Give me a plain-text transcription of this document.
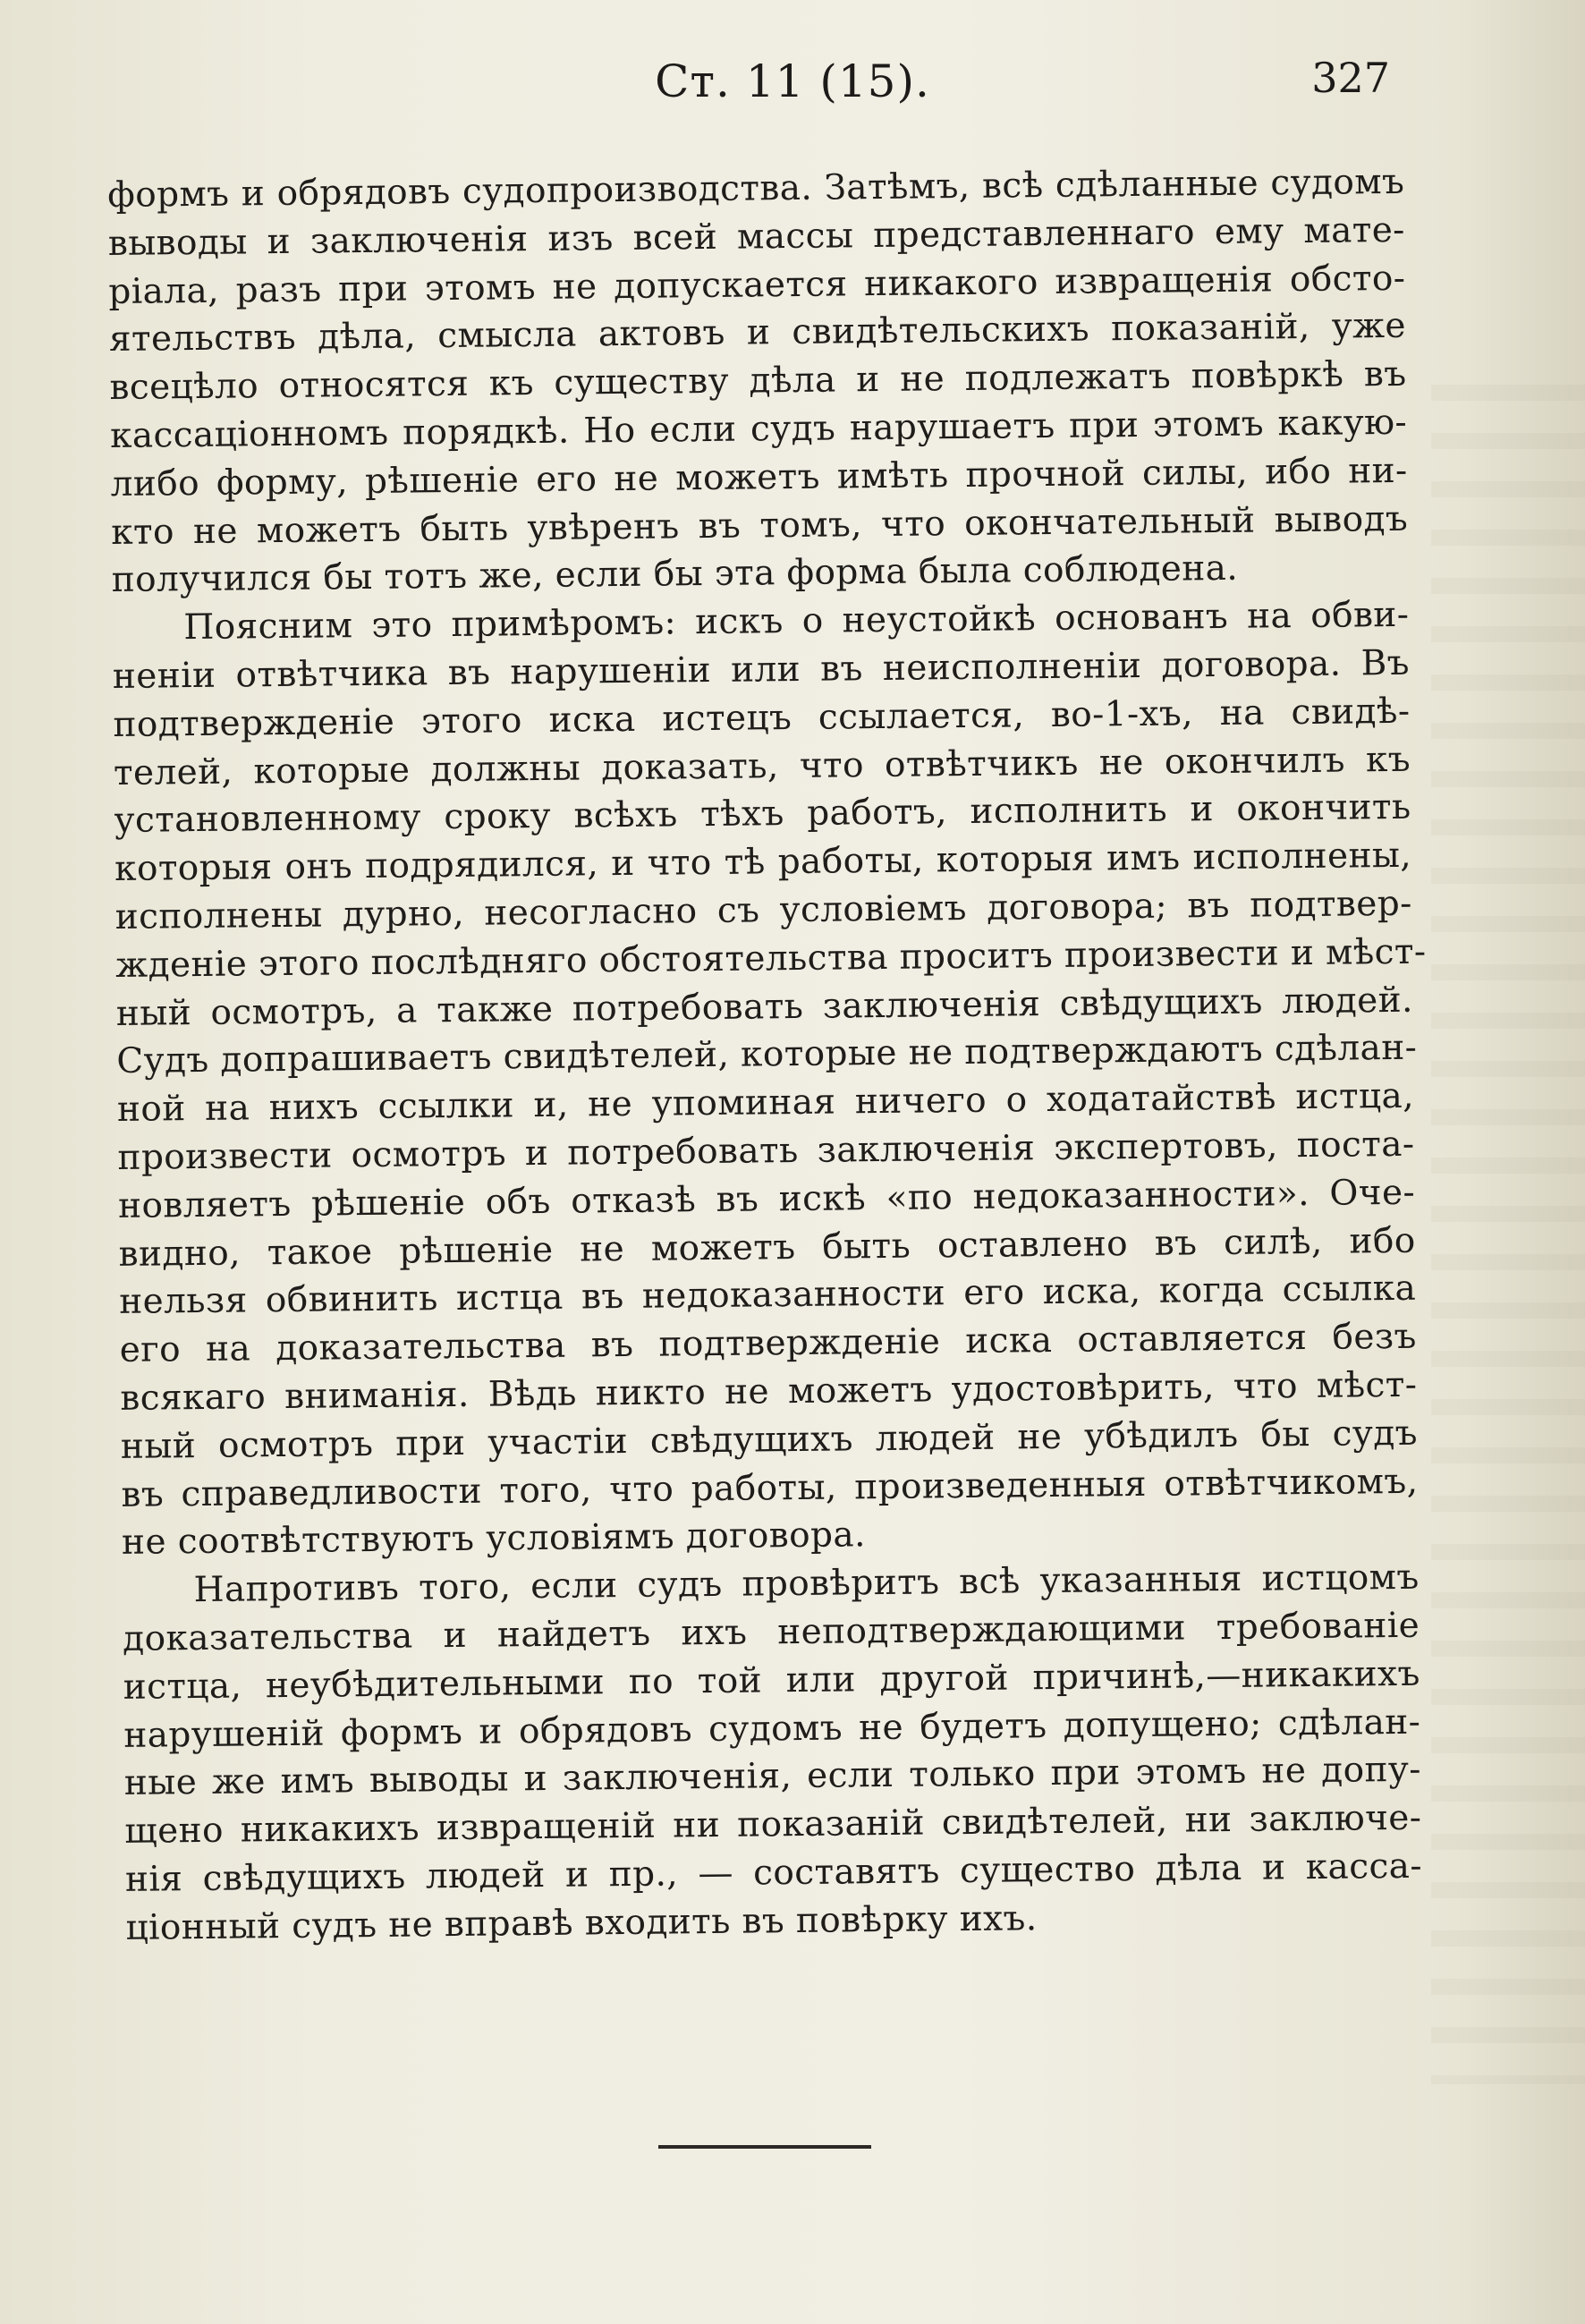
Ст. 11 (15).	327
формъ и обрядовъ судопроизводства. Затѣмъ, всѣ сдѣланные судомъ
выводы и заключенія изъ всей массы представленнаго ему мате-
ріала, разъ при этомъ не допускается никакого извращенія обсто-
ятельствъ дѣла, смысла актовъ и свидѣтельскихъ показаній, уже
всецѣло относятся къ существу дѣла и не подлежатъ повѣркѣ въ
кассаціонномъ порядкѣ. Но если судъ нарушаетъ при этомъ какую-
либо форму, рѣшеніе его не можетъ имѣть прочной силы, ибо ни-
кто не можетъ быть увѣренъ въ томъ, что окончательный выводъ
получился бы тотъ же, если бы эта форма была соблюдена.
Поясним это примѣромъ: искъ о неустойкѣ основанъ на обви-
неніи отвѣтчика въ нарушеніи или въ неисполненіи договора. Въ
подтвержденіе этого иска истецъ ссылается, во-1-хъ, на свидѣ-
телей, которые должны доказать, что отвѣтчикъ не окончилъ къ
установленному сроку всѣхъ тѣхъ работъ, исполнить и окончить
которыя онъ подрядился, и что тѣ работы, которыя имъ исполнены,
исполнены дурно, несогласно съ условіемъ договора; въ подтвер-
жденіе этого послѣдняго обстоятельства проситъ произвести и мѣст-
ный осмотръ, а также потребовать заключенія свѣдущихъ людей.
Судъ допрашиваетъ свидѣтелей, которые не подтверждаютъ сдѣлан-
ной на нихъ ссылки и, не упоминая ничего о ходатайствѣ истца,
произвести осмотръ и потребовать заключенія экспертовъ, поста-
новляетъ рѣшеніе объ отказѣ въ искѣ «по недоказанности». Оче-
видно, такое рѣшеніе не можетъ быть оставлено въ силѣ, ибо
нельзя обвинить истца въ недоказанности его иска, когда ссылка
его на доказательства въ подтвержденіе иска оставляется безъ
всякаго вниманія. Вѣдь никто не можетъ удостовѣрить, что мѣст-
ный осмотръ при участіи свѣдущихъ людей не убѣдилъ бы судъ
въ справедливости того, что работы, произведенныя отвѣтчикомъ,
не соотвѣтствуютъ условіямъ договора.
Напротивъ того, если судъ провѣритъ всѣ указанныя истцомъ
доказательства и найдетъ ихъ неподтверждающими требованіе
истца, неубѣдительными по той или другой причинѣ,—никакихъ
нарушеній формъ и обрядовъ судомъ не будетъ допущено; сдѣлан-
ные же имъ выводы и заключенія, если только при этомъ не допу-
щено никакихъ извращеній ни показаній свидѣтелей, ни заключе-
нія свѣдущихъ людей и пр., — составятъ существо дѣла и касса-
ціонный судъ не вправѣ входить въ повѣрку ихъ.
